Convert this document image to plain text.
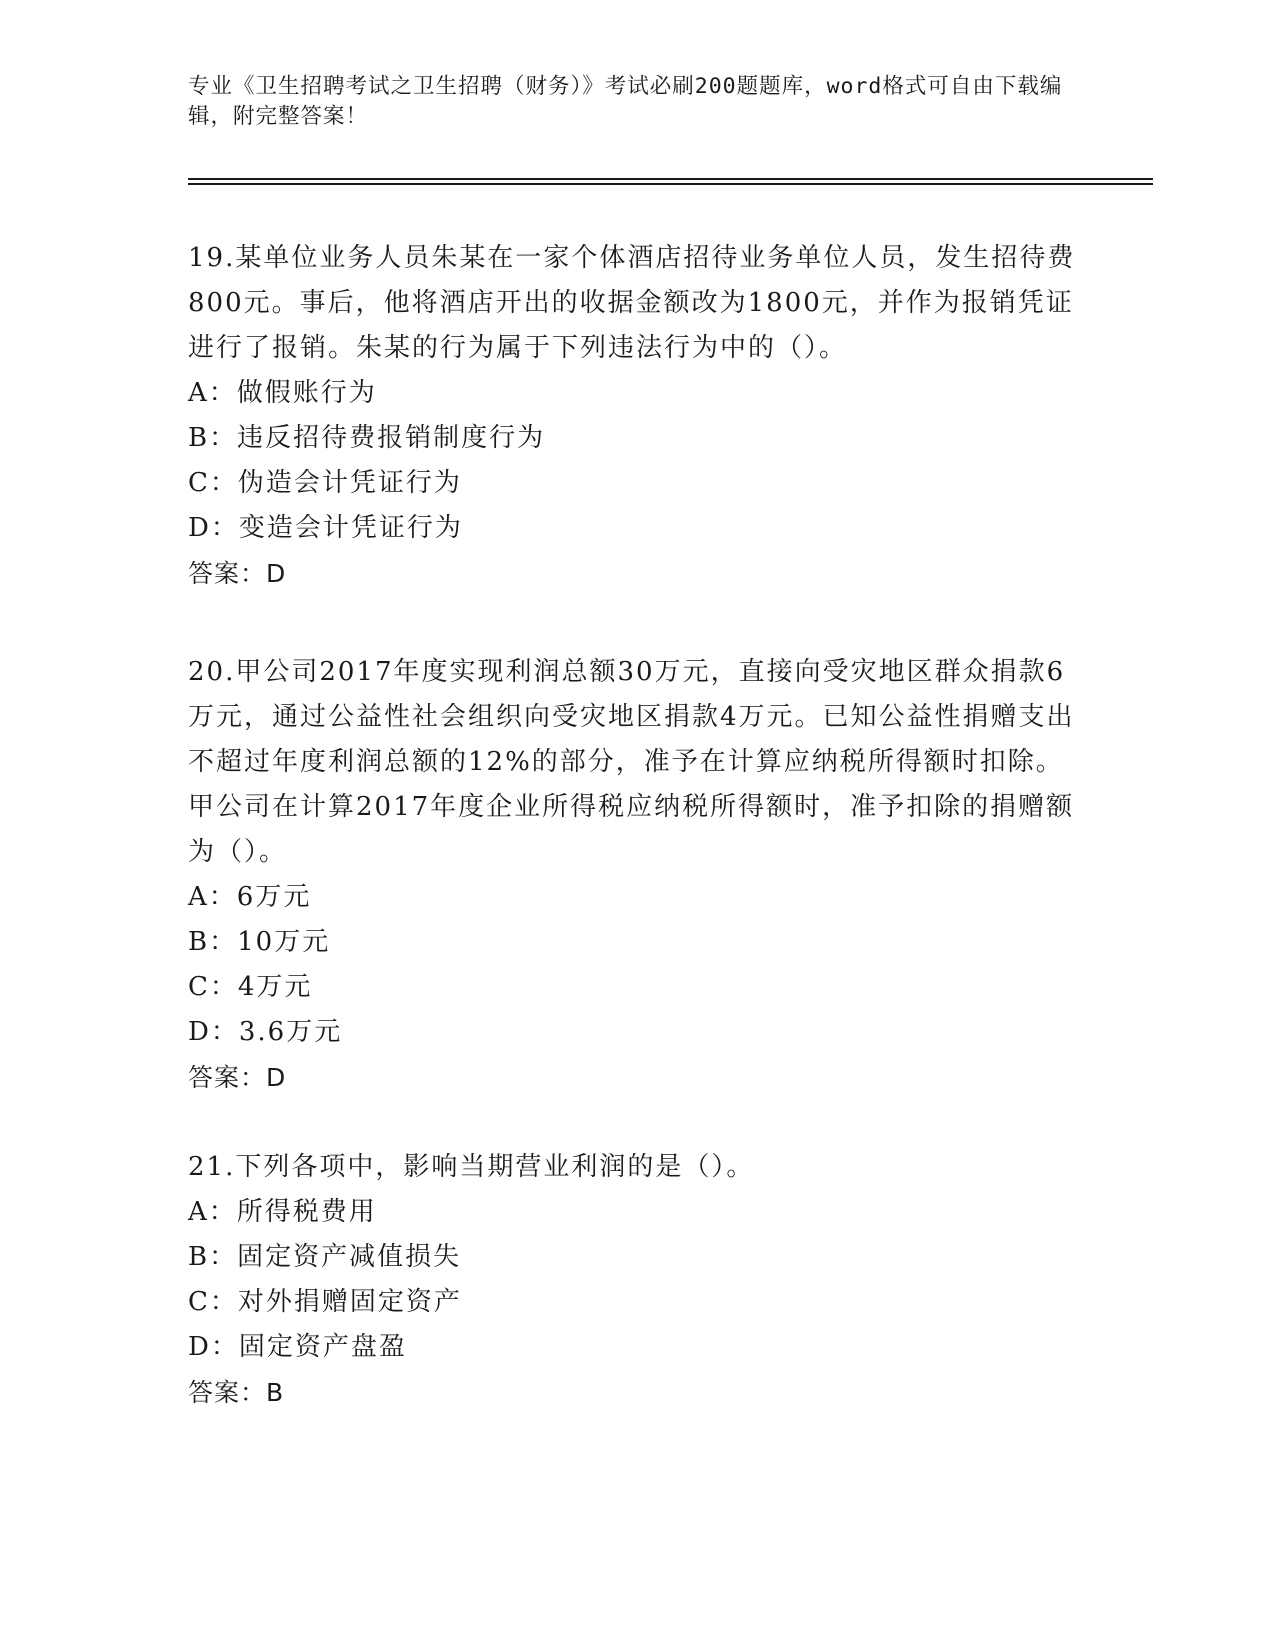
专业《卫生招聘考试之卫生招聘（财务）》考试必刷200题题库，word格式可自由下载编辑，附完整答案！

19.某单位业务人员朱某在一家个体酒店招待业务单位人员，发生招待费800元。事后，他将酒店开出的收据金额改为1800元，并作为报销凭证进行了报销。朱某的行为属于下列违法行为中的（）。

A：做假账行为

B：违反招待费报销制度行为

C：伪造会计凭证行为

D：变造会计凭证行为

答案：D

20.甲公司2017年度实现利润总额30万元，直接向受灾地区群众捐款6万元，通过公益性社会组织向受灾地区捐款4万元。已知公益性捐赠支出不超过年度利润总额的12%的部分，准予在计算应纳税所得额时扣除。甲公司在计算2017年度企业所得税应纳税所得额时，准予扣除的捐赠额为（）。

A：6万元

B：10万元

C：4万元

D：3.6万元

答案：D

21.下列各项中，影响当期营业利润的是（）。

A：所得税费用

B：固定资产减值损失

C：对外捐赠固定资产

D：固定资产盘盈

答案：B
